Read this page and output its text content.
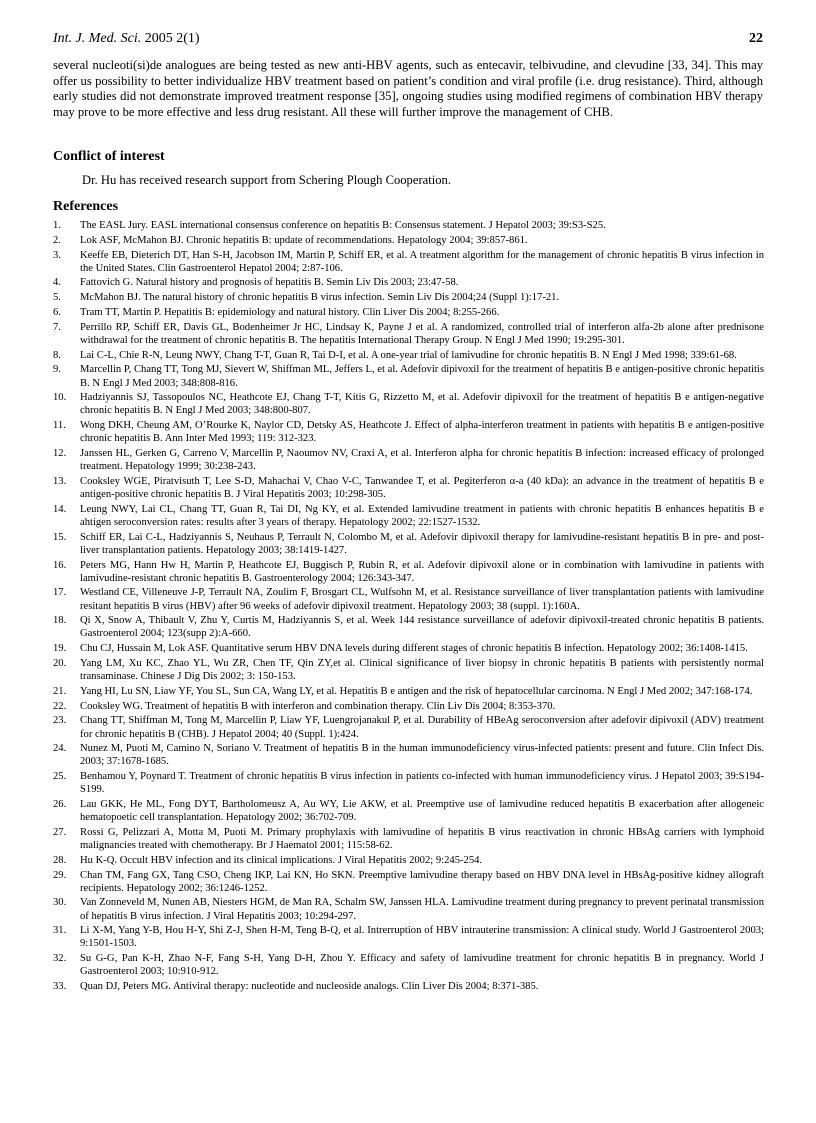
Int. J. Med. Sci. 2005 2(1)	22

several nucleoti(si)de analogues are being tested as new anti-HBV agents, such as entecavir, telbivudine, and clevudine [33, 34]. This may offer us possibility to better individualize HBV treatment based on patient’s condition and viral profile (i.e. drug resistance). Third, although early studies did not demonstrate improved treatment response [35], ongoing studies using modified regimens of combination HBV therapy may prove to be more effective and less drug resistant. All these will further improve the management of CHB.

Conflict of interest

Dr. Hu has received research support from Schering Plough Cooperation.

References
1.	The EASL Jury. EASL international consensus conference on hepatitis B: Consensus statement. J Hepatol 2003; 39:S3-S25.
2.	Lok ASF, McMahon BJ. Chronic hepatitis B: update of recommendations. Hepatology 2004; 39:857-861.
3.	Keeffe EB, Dieterich DT, Han S-H, Jacobson IM, Martin P, Schiff ER, et al. A treatment algorithm for the management of chronic hepatitis B virus infection in the United States. Clin Gastroenterol Hepatol 2004; 2:87-106.
4.	Fattovich G. Natural history and prognosis of hepatitis B. Semin Liv Dis 2003; 23:47-58.
5.	McMahon BJ. The natural history of chronic hepatitis B virus infection. Semin Liv Dis 2004;24 (Suppl 1):17-21.
6.	Tram TT, Martin P. Hepatitis B: epidemiology and natural history. Clin Liver Dis 2004; 8:255-266.
7.	Perrillo RP, Schiff ER, Davis GL, Bodenheimer Jr HC, Lindsay K, Payne J et al. A randomized, controlled trial of interferon alfa-2b alone after prednisone withdrawal for the treatment of chronic hepatitis B. The hepatitis International Therapy Group. N Engl J Med 1990; 19:295-301.
8.	Lai C-L, Chie R-N, Leung NWY, Chang T-T, Guan R, Tai D-I, et al. A one-year trial of lamivudine for chronic hepatitis B. N Engl J Med 1998; 339:61-68.
9.	Marcellin P, Chang TT, Tong MJ, Sievert W, Shiffman ML, Jeffers L, et al. Adefovir dipivoxil for the treatment of hepatitis B e antigen-positive chronic hepatitis B. N Engl J Med 2003; 348:808-816.
10.	Hadziyannis SJ, Tassopoulos NC, Heathcote EJ, Chang T-T, Kitis G, Rizzetto M, et al. Adefovir dipivoxil for the treatment of hepatitis B e antigen-negative chronic hepatitis B. N Engl J Med 2003; 348:800-807.
11.	Wong DKH, Cheung AM, O’Rourke K, Naylor CD, Detsky AS, Heathcote J. Effect of alpha-interferon treatment in patients with hepatitis B e antigen-positive chronic hepatitis B. Ann Inter Med 1993; 119: 312-323.
12.	Janssen HL, Gerken G, Carreno V, Marcellin P, Naoumov NV, Craxi A, et al. Interferon alpha for chronic hepatitis B infection: increased efficacy of prolonged treatment. Hepatology 1999; 30:238-243.
13.	Cooksley WGE, Piratvisuth T, Lee S-D, Mahachai V, Chao V-C, Tanwandee T, et al. Pegiterferon α-a (40 kDa): an advance in the treatment of hepatitis B e antigen-positive chronic hepatitis B. J Viral Hepatitis 2003; 10:298-305.
14.	Leung NWY, Lai CL, Chang TT, Guan R, Tai DI, Ng KY, et al. Extended lamivudine treatment in patients with chronic hepatitis B enhances hepatitis B e ahtigen seroconversion rates: results after 3 years of therapy. Hepatology 2002; 22:1527-1532.
15.	Schiff ER, Lai C-L, Hadziyannis S, Neuhaus P, Terrault N, Colombo M, et al. Adefovir dipivoxil therapy for lamivudine-resistant hepatitis B in pre- and post-liver transplantation patients. Hepatology 2003; 38:1419-1427.
16.	Peters MG, Hann Hw H, Martin P, Heathcote EJ, Buggisch P, Rubin R, et al. Adefovir dipivoxil alone or in combination with lamivudine in patients with lamivudine-resistant chronic hepatitis B. Gastroenterology 2004; 126:343-347.
17.	Westland CE, Villeneuve J-P, Terrault NA, Zoulim F, Brosgart CL, Wulfsohn M, et al. Resistance surveillance of liver transplantation patients with lamivudine resitant hepatitis B virus (HBV) after 96 weeks of adefovir dipivoxil treatment. Hepatology 2003; 38 (suppl. 1):160A.
18.	Qi X, Snow A, Thibault V, Zhu Y, Curtis M, Hadziyannis S, et al. Week 144 resistance surveillance of adefovir dipivoxil-treated chronic hepatitis B patients. Gastroenterol 2004; 123(supp 2):A-660.
19.	Chu CJ, Hussain M, Lok ASF. Quantitative serum HBV DNA levels during different stages of chronic hepatitis B infection. Hepatology 2002; 36:1408-1415.
20.	Yang LM, Xu KC, Zhao YL, Wu ZR, Chen TF, Qin ZY,et al. Clinical significance of liver biopsy in chronic hepatitis B patients with persistently normal transaminase. Chinese J Dig Dis 2002; 3: 150-153.
21.	Yang HI, Lu SN, Liaw YF, You SL, Sun CA, Wang LY, et al. Hepatitis B e antigen and the risk of hepatocellular carcinoma. N Engl J Med 2002; 347:168-174.
22.	Cooksley WG. Treatment of hepatitis B with interferon and combination therapy. Clin Liv Dis 2004; 8:353-370.
23.	Chang TT, Shiffman M, Tong M, Marcellin P, Liaw YF, Luengrojanakul P, et al. Durability of HBeAg seroconversion after adefovir dipivoxil (ADV) treatment for chronic hepatitis B (CHB). J Hepatol 2004; 40 (Suppl. 1):424.
24.	Nunez M, Puoti M, Camino N, Soriano V. Treatment of hepatitis B in the human immunodeficiency virus-infected patients: present and future. Clin Infect Dis. 2003; 37:1678-1685.
25.	Benhamou Y, Poynard T. Treatment of chronic hepatitis B virus infection in patients co-infected with human immunodeficiency virus. J Hepatol 2003; 39:S194-S199.
26.	Lau GKK, He ML, Fong DYT, Bartholomeusz A, Au WY, Lie AKW, et al. Preemptive use of lamivudine reduced hepatitis B exacerbation after allogeneic hematopoetic cell transplantation. Hepatology 2002; 36:702-709.
27.	Rossi G, Pelizzari A, Motta M, Puoti M. Primary prophylaxis with lamivudine of hepatitis B virus reactivation in chronic HBsAg carriers with lymphoid malignancies treated with chemotherapy. Br J Haematol 2001; 115:58-62.
28.	Hu K-Q. Occult HBV infection and its clinical implications. J Viral Hepatitis 2002; 9:245-254.
29.	Chan TM, Fang GX, Tang CSO, Cheng IKP, Lai KN, Ho SKN. Preemptive lamivudine therapy based on HBV DNA level in HBsAg-positive kidney allograft recipients. Hepatology 2002; 36:1246-1252.
30.	Van Zonneveld M, Nunen AB, Niesters HGM, de Man RA, Schalm SW, Janssen HLA. Lamivudine treatment during pregnancy to prevent perinatal transmission of hepatitis B virus infection. J Viral Hepatitis 2003; 10:294-297.
31.	Li X-M, Yang Y-B, Hou H-Y, Shi Z-J, Shen H-M, Teng B-Q, et al. Intrerruption of HBV intrauterine transmission: A clinical study. World J Gastroenterol 2003; 9:1501-1503.
32.	Su G-G, Pan K-H, Zhao N-F, Fang S-H, Yang D-H, Zhou Y. Efficacy and safety of lamivudine treatment for chronic hepatitis B in pregnancy. World J Gastroenterol 2003; 10:910-912.
33.	Quan DJ, Peters MG. Antiviral therapy: nucleotide and nucleoside analogs. Clin Liver Dis 2004; 8:371-385.
